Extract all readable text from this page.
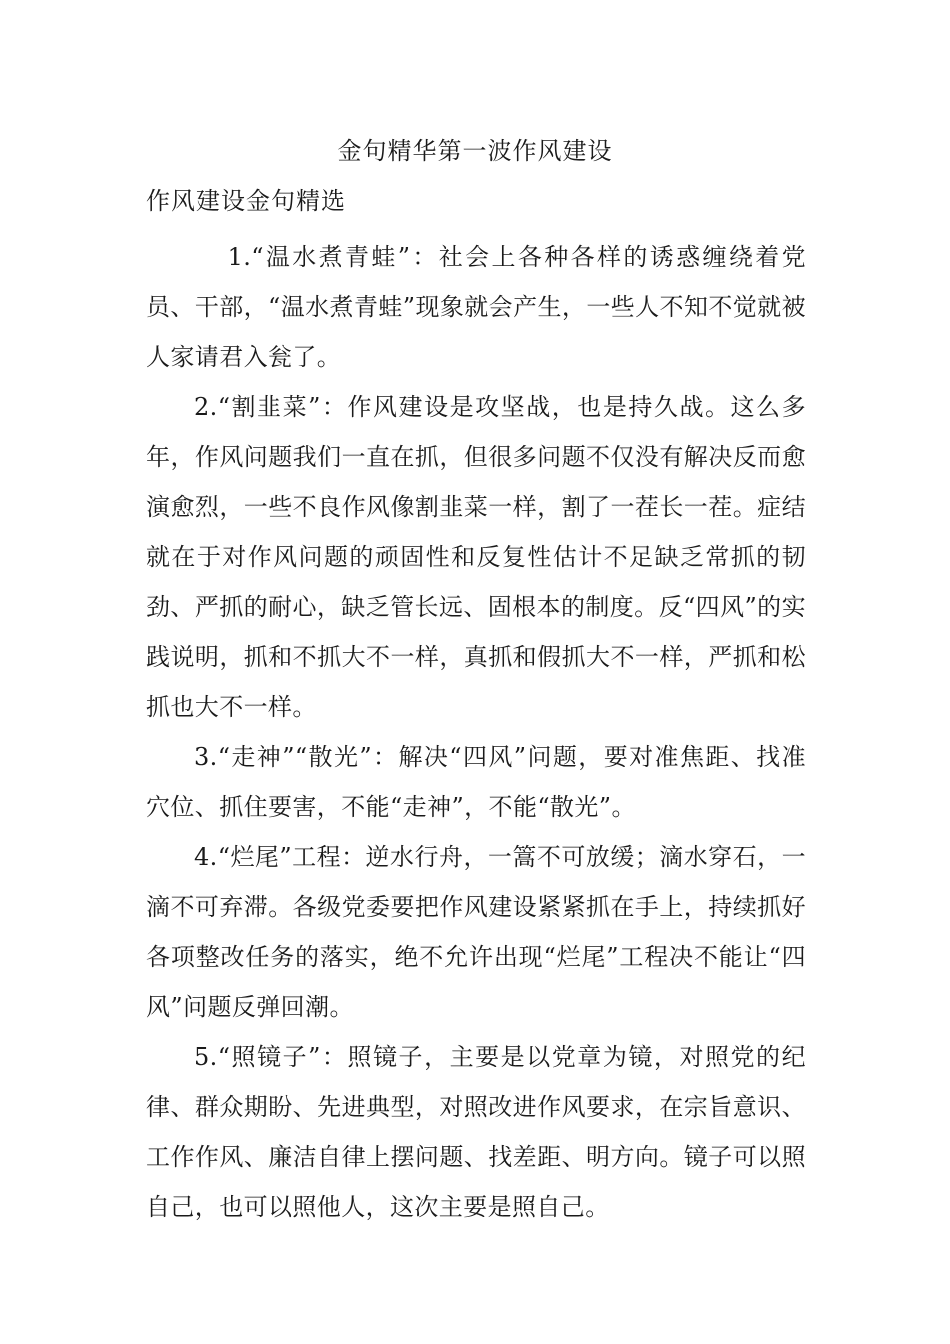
金句精华第一波作风建设
作风建设金句精选

1.“温水煮青蛙”：社会上各种各样的诱惑缠绕着党员、干部，“温水煮青蛙”现象就会产生，一些人不知不觉就被人家请君入瓮了。

2.“割韭菜”：作风建设是攻坚战，也是持久战。这么多年，作风问题我们一直在抓，但很多问题不仅没有解决反而愈演愈烈，一些不良作风像割韭菜一样，割了一茬长一茬。症结就在于对作风问题的顽固性和反复性估计不足缺乏常抓的韧劲、严抓的耐心，缺乏管长远、固根本的制度。反“四风”的实践说明，抓和不抓大不一样，真抓和假抓大不一样，严抓和松抓也大不一样。

3.“走神”“散光”：解决“四风”问题，要对准焦距、找准穴位、抓住要害，不能“走神”，不能“散光”。

4.“烂尾”工程：逆水行舟，一篙不可放缓；滴水穿石，一滴不可弃滞。各级党委要把作风建设紧紧抓在手上，持续抓好各项整改任务的落实，绝不允许出现“烂尾”工程决不能让“四风”问题反弹回潮。

5.“照镜子”：照镜子，主要是以党章为镜，对照党的纪律、群众期盼、先进典型，对照改进作风要求，在宗旨意识、工作作风、廉洁自律上摆问题、找差距、明方向。镜子可以照自己，也可以照他人，这次主要是照自己。
